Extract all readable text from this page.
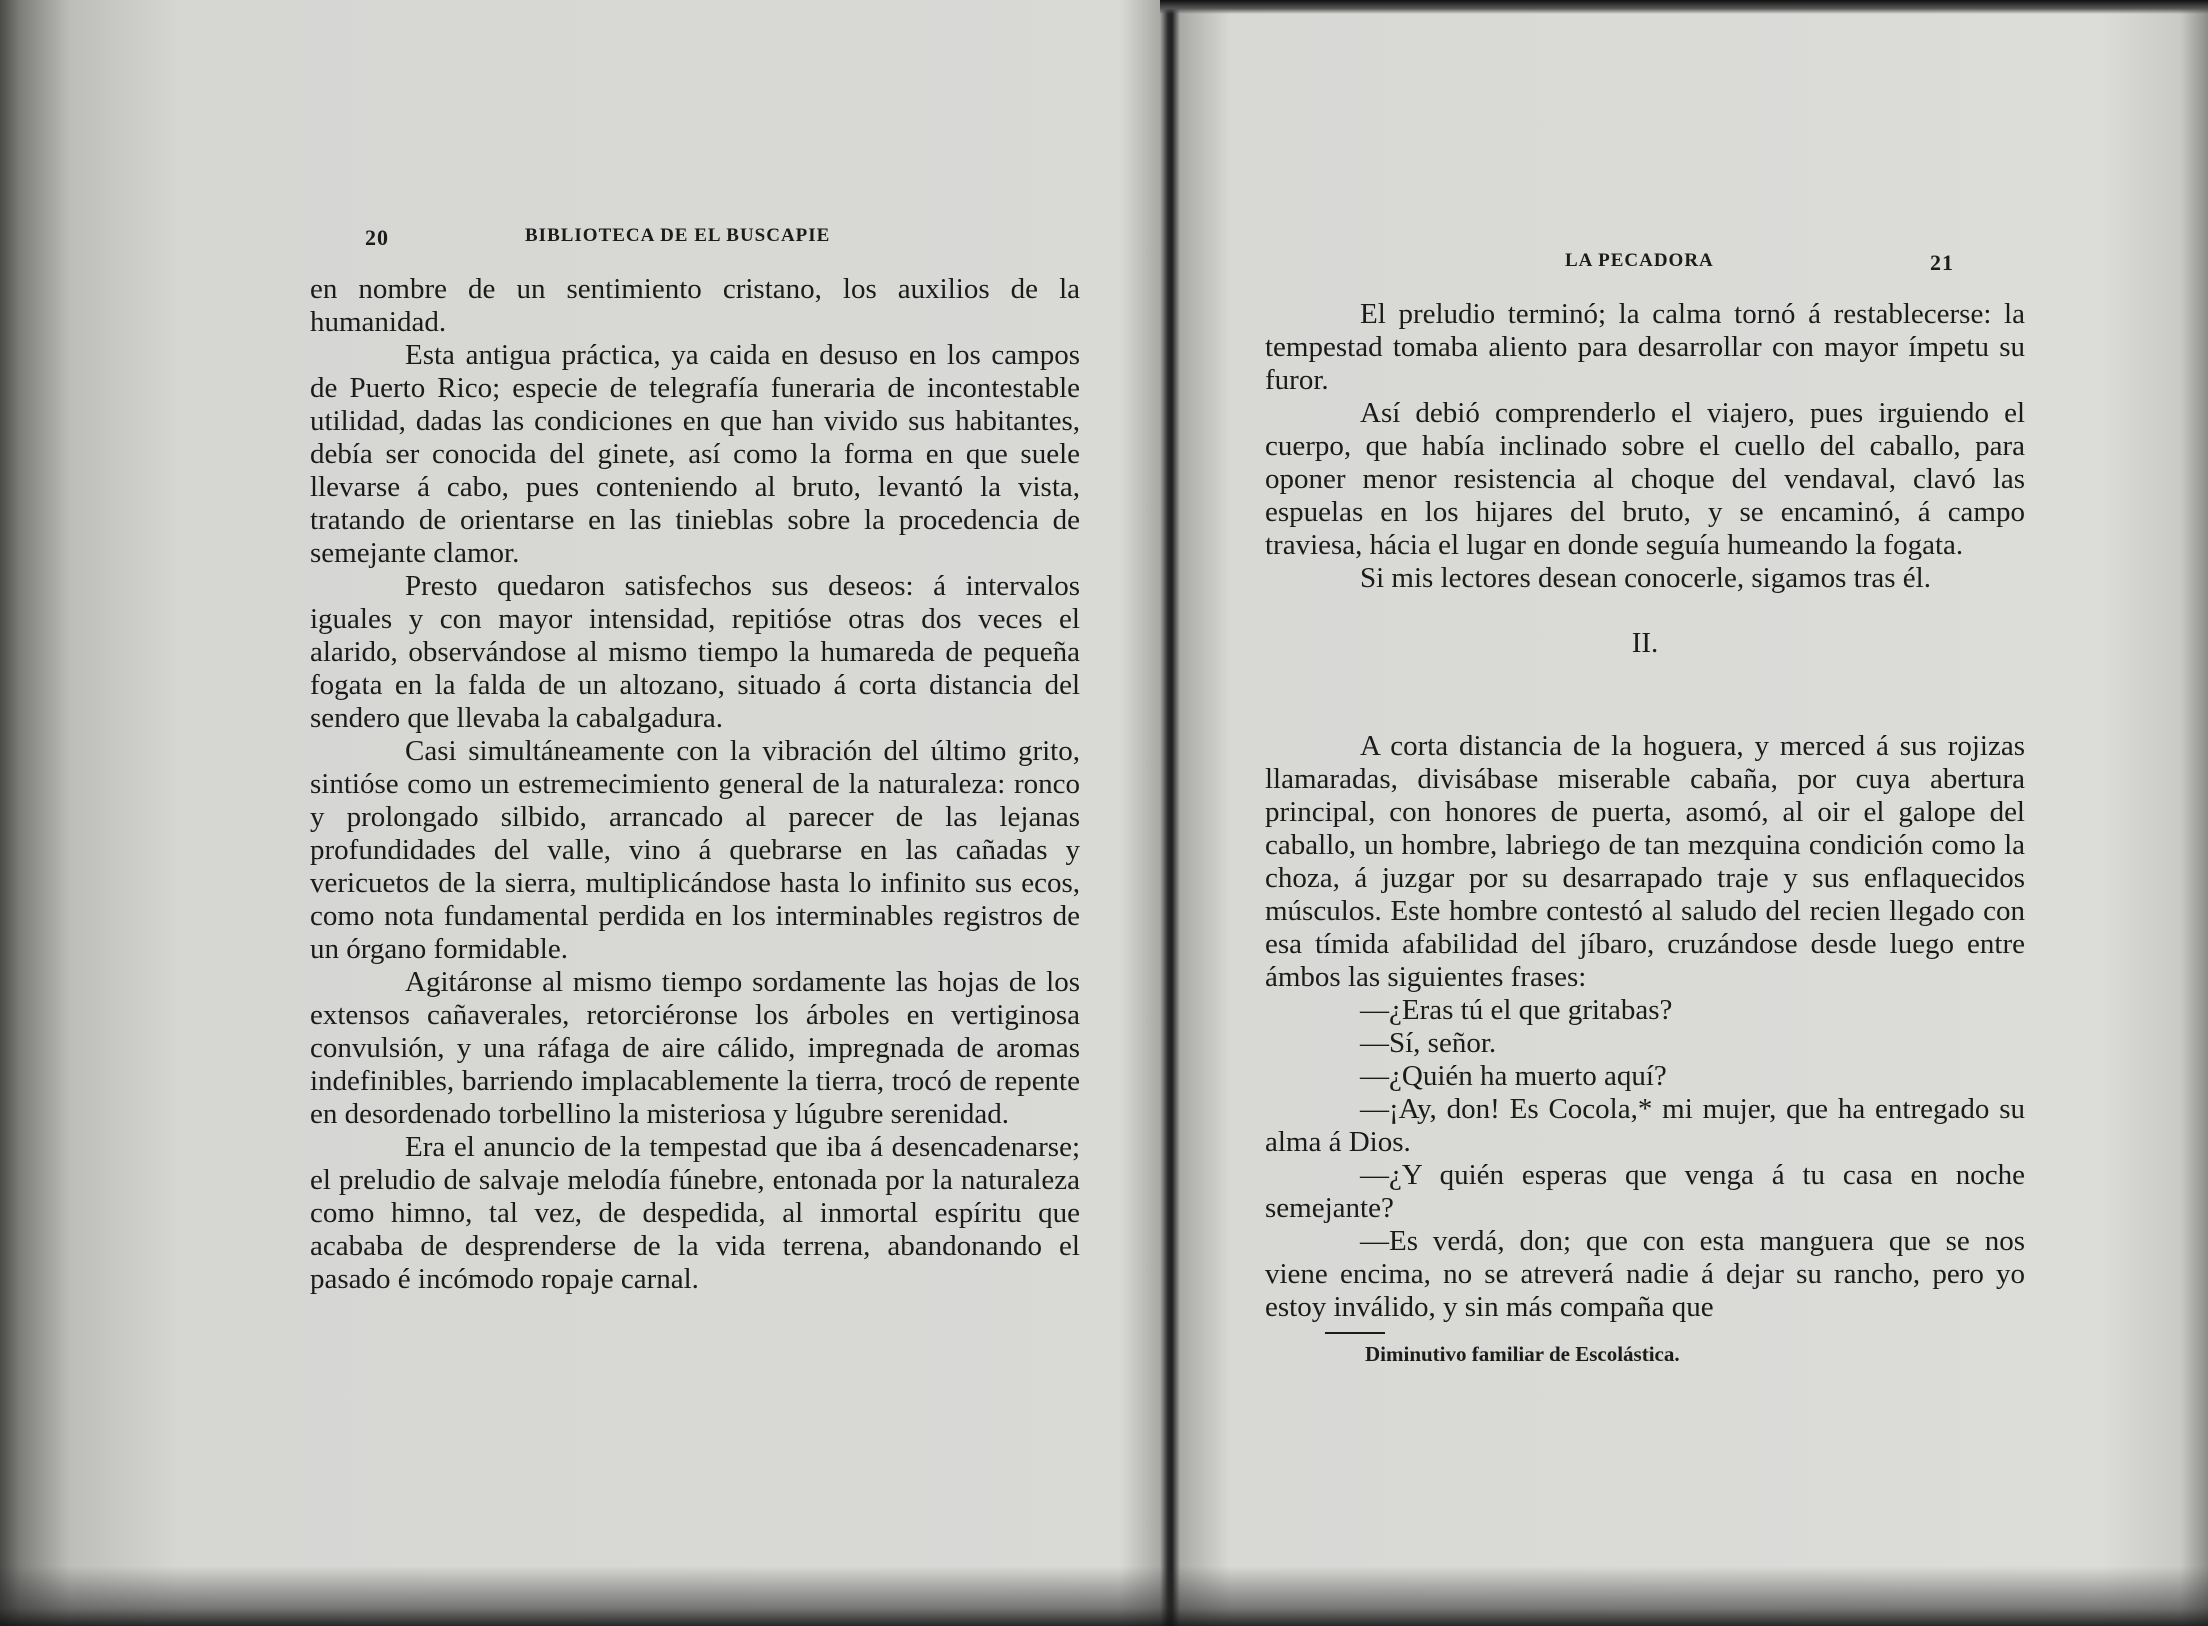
20	BIBLIOTECA DE EL BUSCAPIE

en nombre de un sentimiento cristano, los auxilios de la humanidad.

Esta antigua práctica, ya caida en desuso en los campos de Puerto Rico; especie de telegrafía funeraria de incontestable utilidad, dadas las condiciones en que han vivido sus habitantes, debía ser conocida del ginete, así como la forma en que suele llevarse á cabo, pues conteniendo al bruto, levantó la vista, tratando de orientarse en las tinieblas sobre la procedencia de semejante clamor.

Presto quedaron satisfechos sus deseos: á intervalos iguales y con mayor intensidad, repitióse otras dos veces el alarido, observándose al mismo tiempo la humareda de pequeña fogata en la falda de un altozano, situado á corta distancia del sendero que llevaba la cabalgadura.

Casi simultáneamente con la vibración del último grito, sintióse como un estremecimiento general de la naturaleza: ronco y prolongado silbido, arrancado al parecer de las lejanas profundidades del valle, vino á quebrarse en las cañadas y vericuetos de la sierra, multiplicándose hasta lo infinito sus ecos, como nota fundamental perdida en los interminables registros de un órgano formidable.

Agitáronse al mismo tiempo sordamente las hojas de los extensos cañaverales, retorciéronse los árboles en vertiginosa convulsión, y una ráfaga de aire cálido, impregnada de aromas indefinibles, barriendo implacablemente la tierra, trocó de repente en desordenado torbellino la misteriosa y lúgubre serenidad.

Era el anuncio de la tempestad que iba á desencadenarse; el preludio de salvaje melodía fúnebre, entonada por la naturaleza como himno, tal vez, de despedida, al inmortal espíritu que acababa de desprenderse de la vida terrena, abandonando el pasado é incómodo ropaje carnal.

LA PECADORA	21

El preludio terminó; la calma tornó á restablecerse: la tempestad tomaba aliento para desarrollar con mayor ímpetu su furor.

Así debió comprenderlo el viajero, pues irguiendo el cuerpo, que había inclinado sobre el cuello del caballo, para oponer menor resistencia al choque del vendaval, clavó las espuelas en los hijares del bruto, y se encaminó, á campo traviesa, hácia el lugar en donde seguía humeando la fogata.

Si mis lectores desean conocerle, sigamos tras él.

II.

A corta distancia de la hoguera, y merced á sus rojizas llamaradas, divisábase miserable cabaña, por cuya abertura principal, con honores de puerta, asomó, al oir el galope del caballo, un hombre, labriego de tan mezquina condición como la choza, á juzgar por su desarrapado traje y sus enflaquecidos músculos. Este hombre contestó al saludo del recien llegado con esa tímida afabilidad del jíbaro, cruzándose desde luego entre ámbos las siguientes frases:

—¿Eras tú el que gritabas?

—Sí, señor.

—¿Quién ha muerto aquí?

—¡Ay, don! Es Cocola,* mi mujer, que ha entregado su alma á Dios.

—¿Y quién esperas que venga á tu casa en noche semejante?

—Es verdá, don; que con esta manguera que se nos viene encima, no se atreverá nadie á dejar su rancho, pero yo estoy inválido, y sin más compaña que

Diminutivo familiar de Escolástica.
